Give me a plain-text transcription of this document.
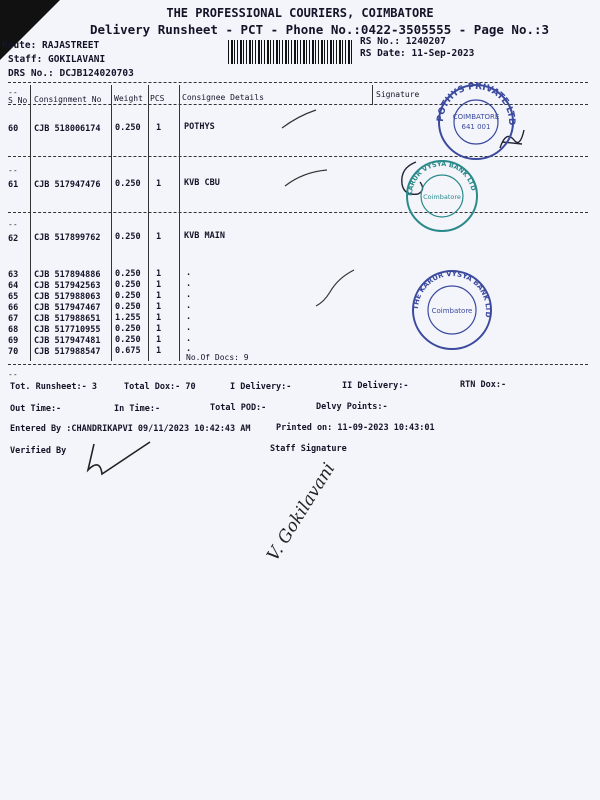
THE PROFESSIONAL COURIERS, COIMBATORE
Delivery Runsheet - PCT - Phone No.:0422-3505555 - Page No.:3
Route: RAJASTREET
Staff: GOKILAVANI
DRS No.: DCJB124020703
RS No.: 1240207
RS Date: 11-Sep-2023
--
S No Consignment No Weight PCS Consignee Details	Signature
60 CJB 518006174 0.250 1	POTHYS
--
61 CJB 517947476 0.250 1	KVB CBU
--
62 CJB 517899762 0.250 1	KVB MAIN
63 CJB 517894886 0.250 1	.
64 CJB 517942563 0.250 1	.
65 CJB 517988063 0.250 1	.
66 CJB 517947467 0.250 1	.
67 CJB 517988651 1.255 1	.
68 CJB 517710955 0.250 1	.
69 CJB 517947481 0.250 1	.
70 CJB 517988547 0.675 1	.
No.Of Docs: 9
POTHYS PRIVATE LTD
COIMBATORE
641 001
KARUR VYSYA BANK LTD
Coimbatore
THE KARUR VYSYA BANK LTD
Coimbatore
--
Tot. Runsheet:- 3	Total Dox:- 70	I Delivery:-	II Delivery:-	RTN Dox:-
Out Time:-	In Time:-	Total POD:-	Delvy Points:-
Entered By :CHANDRIKAPVI 09/11/2023 10:42:43 AM	Printed on: 11-09-2023 10:43:01
Verified By	Staff Signature
V. Gokilavani
